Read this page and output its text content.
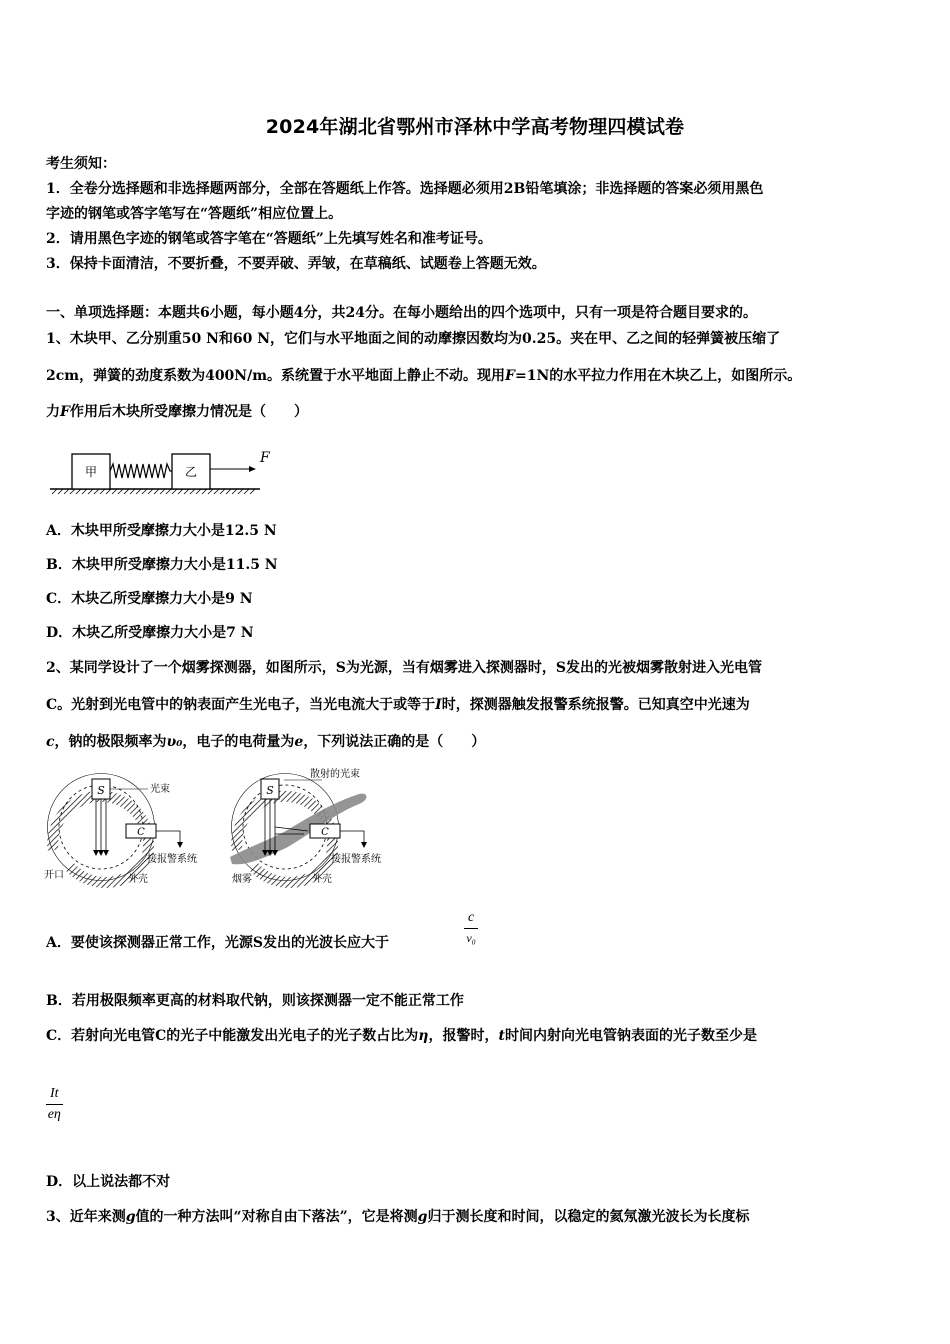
2024年湖北省鄂州市泽林中学高考物理四模试卷
考生须知：
1．全卷分选择题和非选择题两部分，全部在答题纸上作答。选择题必须用2B铅笔填涂；非选择题的答案必须用黑色
字迹的钢笔或答字笔写在“答题纸”相应位置上。
2．请用黑色字迹的钢笔或答字笔在“答题纸”上先填写姓名和准考证号。
3．保持卡面清洁，不要折叠，不要弄破、弄皱，在草稿纸、试题卷上答题无效。
一、单项选择题：本题共6小题，每小题4分，共24分。在每小题给出的四个选项中，只有一项是符合题目要求的。
1、木块甲、乙分别重50 N和60 N，它们与水平地面之间的动摩擦因数均为0.25。夹在甲、乙之间的轻弹簧被压缩了
2cm，弹簧的劲度系数为400N/m。系统置于水平地面上静止不动。现用F=1N的水平拉力作用在木块乙上，如图所示。
力F作用后木块所受摩擦力情况是（　　）
甲	乙
F
A．木块甲所受摩擦力大小是12.5 N
B．木块甲所受摩擦力大小是11.5 N
C．木块乙所受摩擦力大小是9 N
D．木块乙所受摩擦力大小是7 N
2、某同学设计了一个烟雾探测器，如图所示，S为光源，当有烟雾进入探测器时，S发出的光被烟雾散射进入光电管
C。光射到光电管中的钠表面产生光电子，当光电流大于或等于I时，探测器触发报警系统报警。已知真空中光速为
c，钠的极限频率为υ₀，电子的电荷量为e，下列说法正确的是（　　）
S	光束
C
接报警系统
开口	外壳
S
散射的光束
C
接报警系统
烟雾	外壳
A．要使该探测器正常工作，光源S发出的光波长应大于
c
v₀
B．若用极限频率更高的材料取代钠，则该探测器一定不能正常工作
C．若射向光电管C的光子中能激发出光电子的光子数占比为η，报警时，t时间内射向光电管钠表面的光子数至少是
It
eη
D．以上说法都不对
3、近年来测g值的一种方法叫“对称自由下落法”，它是将测g归于测长度和时间，以稳定的氦氖激光波长为长度标
